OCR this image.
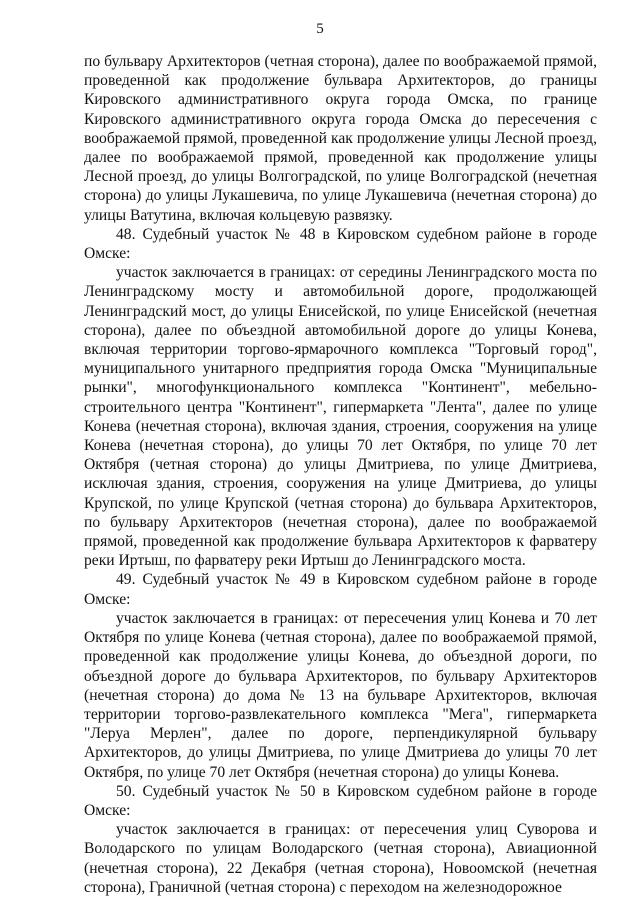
5

по бульвару Архитекторов (четная сторона), далее по воображаемой прямой, проведенной как продолжение бульвара Архитекторов, до границы Кировского административного округа города Омска, по границе Кировского административного округа города Омска до пересечения с воображаемой прямой, проведенной как продолжение улицы Лесной проезд, далее по воображаемой прямой, проведенной как продолжение улицы Лесной проезд, до улицы Волгоградской, по улице Волгоградской (нечетная сторона) до улицы Лукашевича, по улице Лукашевича (нечетная сторона) до улицы Ватутина, включая кольцевую развязку.

48. Судебный участок № 48 в Кировском судебном районе в городе Омске:

участок заключается в границах: от середины Ленинградского моста по Ленинградскому мосту и автомобильной дороге, продолжающей Ленинградский мост, до улицы Енисейской, по улице Енисейской (нечетная сторона), далее по объездной автомобильной дороге до улицы Конева, включая территории торгово-ярмарочного комплекса "Торговый город", муниципального унитарного предприятия города Омска "Муниципальные рынки", многофункционального комплекса "Континент", мебельно-строительного центра "Континент", гипермаркета "Лента", далее по улице Конева (нечетная сторона), включая здания, строения, сооружения на улице Конева (нечетная сторона), до улицы 70 лет Октября, по улице 70 лет Октября (четная сторона) до улицы Дмитриева, по улице Дмитриева, исключая здания, строения, сооружения на улице Дмитриева, до улицы Крупской, по улице Крупской (четная сторона) до бульвара Архитекторов, по бульвару Архитекторов (нечетная сторона), далее по воображаемой прямой, проведенной как продолжение бульвара Архитекторов к фарватеру реки Иртыш, по фарватеру реки Иртыш до Ленинградского моста.

49. Судебный участок № 49 в Кировском судебном районе в городе Омске:

участок заключается в границах: от пересечения улиц Конева и 70 лет Октября по улице Конева (четная сторона), далее по воображаемой прямой, проведенной как продолжение улицы Конева, до объездной дороги, по объездной дороге до бульвара Архитекторов, по бульвару Архитекторов (нечетная сторона) до дома № 13 на бульваре Архитекторов, включая территории торгово-развлекательного комплекса "Мега", гипермаркета "Леруа Мерлен", далее по дороге, перпендикулярной бульвару Архитекторов, до улицы Дмитриева, по улице Дмитриева до улицы 70 лет Октября, по улице 70 лет Октября (нечетная сторона) до улицы Конева.

50. Судебный участок № 50 в Кировском судебном районе в городе Омске:

участок заключается в границах: от пересечения улиц Суворова и Володарского по улицам Володарского (четная сторона), Авиационной (нечетная сторона), 22 Декабря (четная сторона), Новоомской (нечетная сторона), Граничной (четная сторона) с переходом на железнодорожное
